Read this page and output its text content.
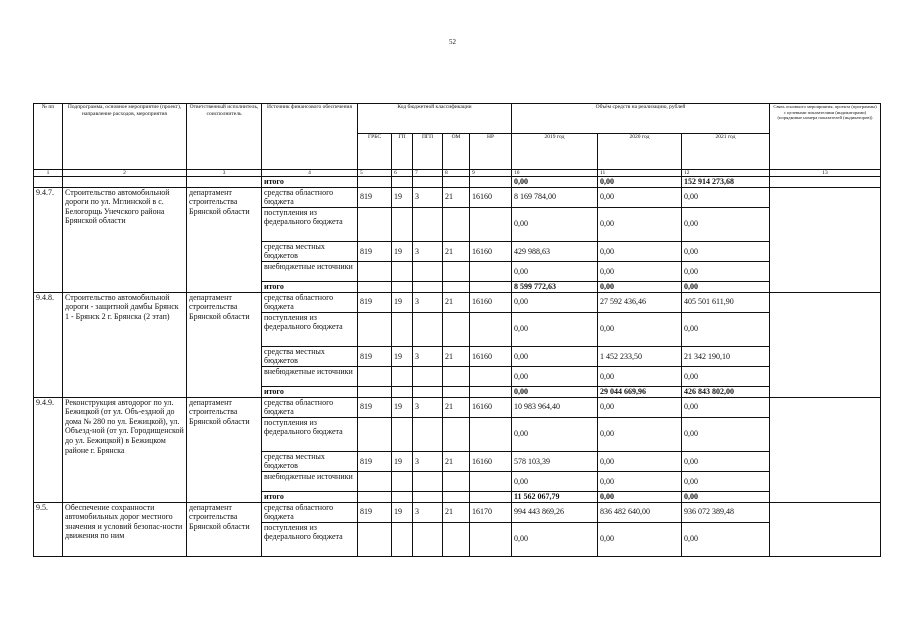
52
№ пп	Подпрограмма, основное мероприятие (проект), направление расходов, мероприятия	Ответственный исполнитель, соисполнитель	Источник финансового обеспечения	Код бюджетной классификации					Объём средств на реализацию, рублей			Связь основного мероприятия, проекта (программы) с целевыми показателями (индикаторами) (порядковые номера показателей (индикаторов))
				ГРБС	ГП	ПГП	ОМ	НР	2019 год	2020 год	2021 год	
1	2	3	4	5	6	7	8	9	10	11	12	13
			итого						0,00	0,00	152 914 273,68	
9.4.7.	Строительство автомобильной дороги по ул. Мглинской в с. Белогорщь Унечского района Брянской области	департамент строительства Брянской области	средства областного бюджета	819	19	3	21	16160	8 169 784,00	0,00	0,00	
			поступления из федерального бюджета						0,00	0,00	0,00	
			средства местных бюджетов	819	19	3	21	16160	429 988,63	0,00	0,00	
			внебюджетные источники						0,00	0,00	0,00	
			итого						8 599 772,63	0,00	0,00	
9.4.8.	Строительство автомобильной дороги - защитной дамбы Брянск 1 - Брянск 2 г. Брянска (2 этап)	департамент строительства Брянской области	средства областного бюджета	819	19	3	21	16160	0,00	27 592 436,46	405 501 611,90	
			поступления из федерального бюджета						0,00	0,00	0,00	
			средства местных бюджетов	819	19	3	21	16160	0,00	1 452 233,50	21 342 190,10	
			внебюджетные источники						0,00	0,00	0,00	
			итого						0,00	29 044 669,96	426 843 802,00	
9.4.9.	Реконструкция автодорог по ул. Бежицкой (от ул. Объ-ездной до дома № 280 по ул. Бежицкой), ул. Объезд-ной (от ул. Городищенской до ул. Бежицкой) в Бежицком районе г. Брянска	департамент строительства Брянской области	средства областного бюджета	819	19	3	21	16160	10 983 964,40	0,00	0,00	
			поступления из федерального бюджета						0,00	0,00	0,00	
			средства местных бюджетов	819	19	3	21	16160	578 103,39	0,00	0,00	
			внебюджетные источники						0,00	0,00	0,00	
			итого						11 562 067,79	0,00	0,00	
9.5.	Обеспечение сохранности автомобильных дорог местного значения и условий безопас-ности движения по ним	департамент строительства Брянской области	средства областного бюджета	819	19	3	21	16170	994 443 869,26	836 482 640,00	936 072 389,48	
			поступления из федерального бюджета						0,00	0,00	0,00	
